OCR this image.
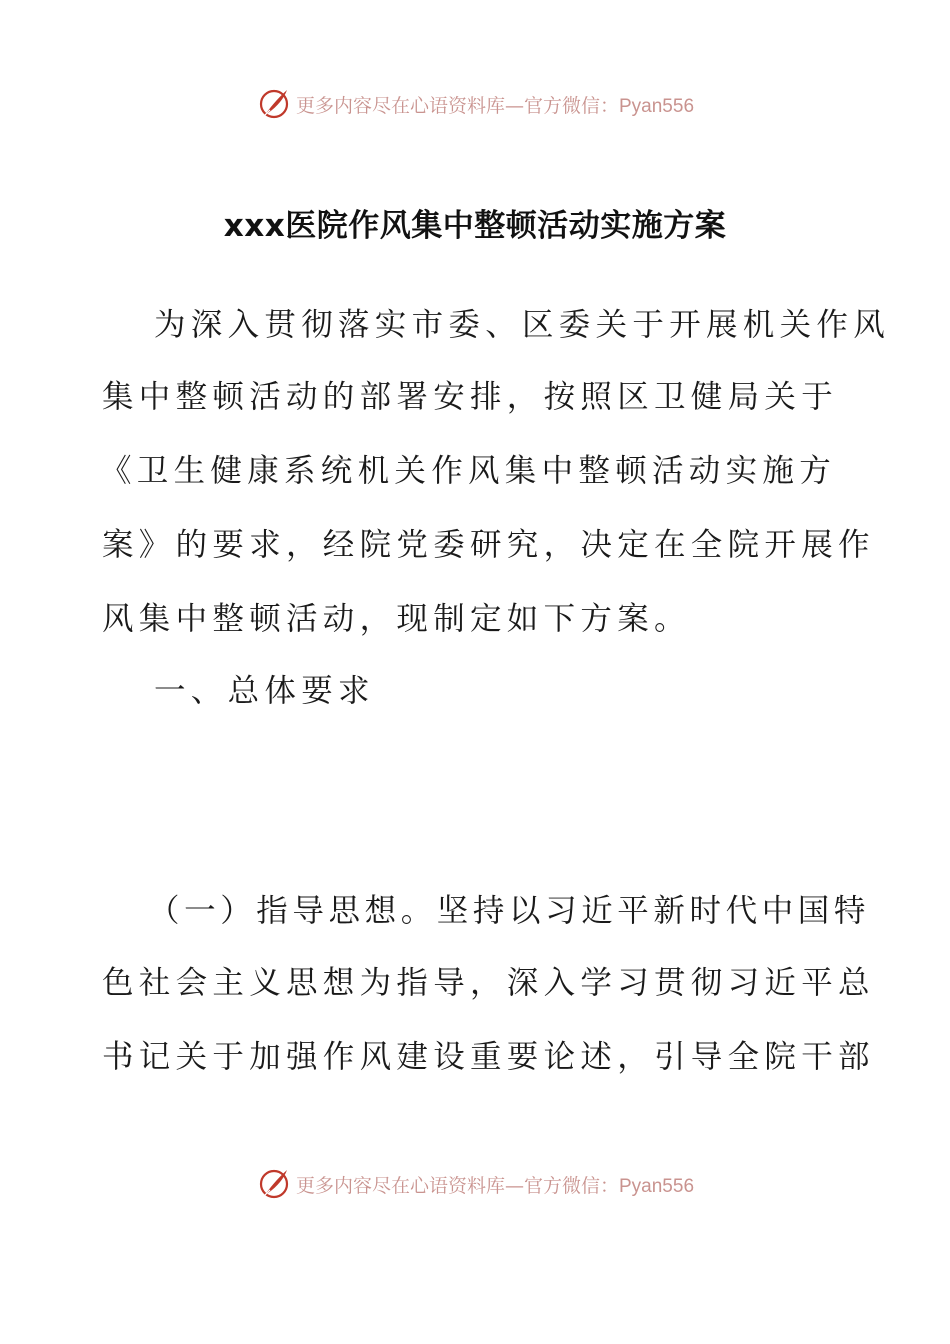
更多内容尽在心语资料库—官方微信：Pyan556
xxx医院作风集中整顿活动实施方案
为深入贯彻落实市委、区委关于开展机关作风
集中整顿活动的部署安排，按照区卫健局关于
《卫生健康系统机关作风集中整顿活动实施方
案》的要求，经院党委研究，决定在全院开展作
风集中整顿活动，现制定如下方案。
一、总体要求
（一）指导思想。坚持以习近平新时代中国特
色社会主义思想为指导，深入学习贯彻习近平总
书记关于加强作风建设重要论述，引导全院干部
更多内容尽在心语资料库—官方微信：Pyan556
